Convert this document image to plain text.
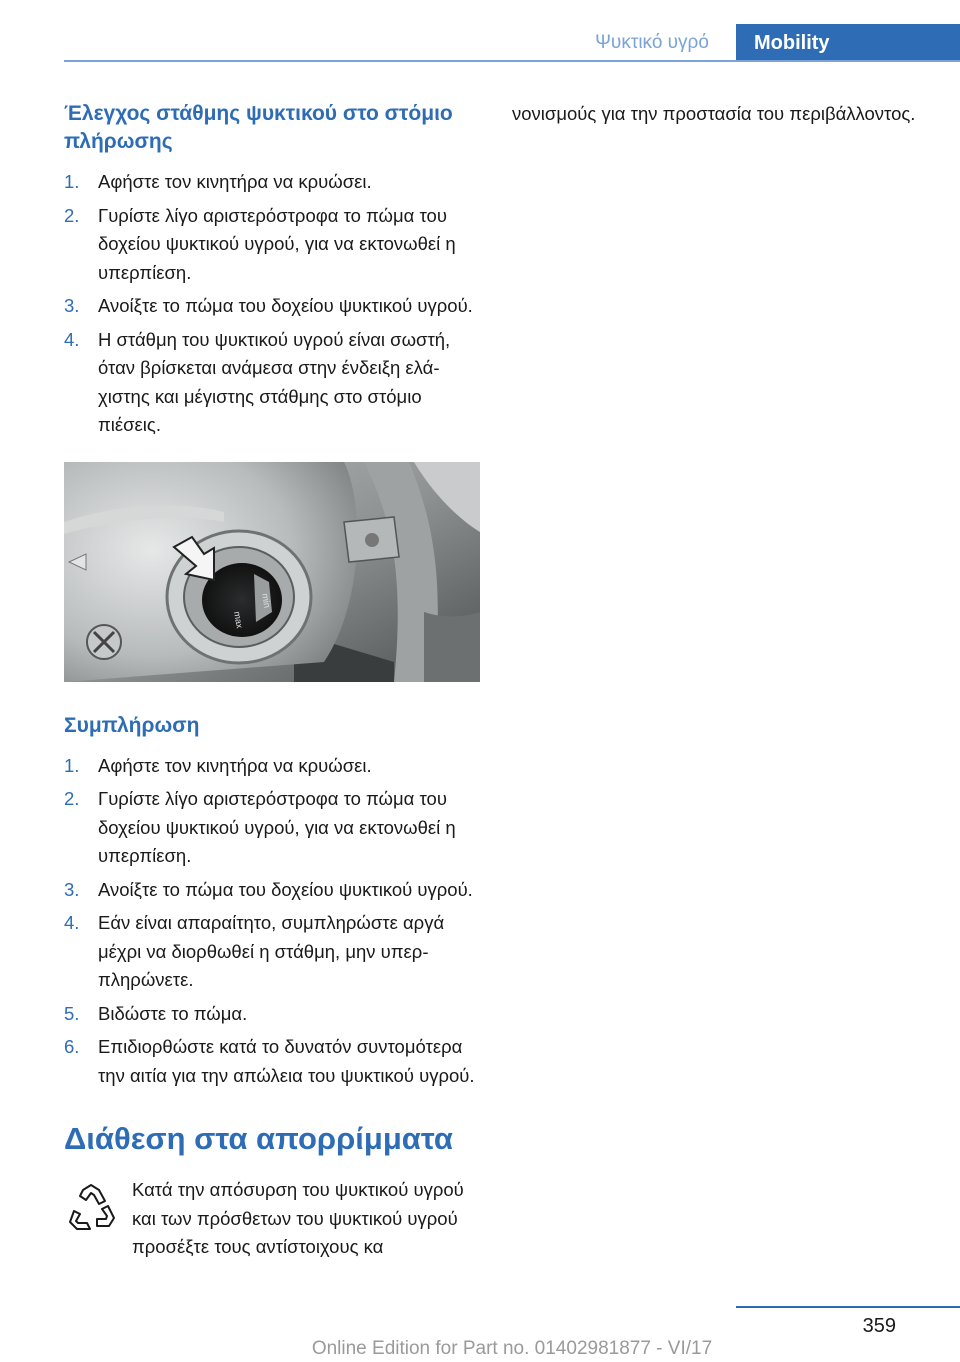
Ψυκτικό υγρό	Mobility
Έλεγχος στάθμης ψυκτικού στο στόμιο πλήρωσης
1. Αφήστε τον κινητήρα να κρυώσει.
2. Γυρίστε λίγο αριστερόστροφα το πώμα του δοχείου ψυκτικού υγρού, για να εκτονωθεί η υπερπίεση.
3. Ανοίξτε το πώμα του δοχείου ψυκτικού υγρού.
4. Η στάθμη του ψυκτικού υγρού είναι σωστή, όταν βρίσκεται ανάμεσα στην ένδειξη ελάχιστης και μέγιστης στάθμης στο στόμιο πιέσεις.
min
max
Συμπλήρωση
1. Αφήστε τον κινητήρα να κρυώσει.
2. Γυρίστε λίγο αριστερόστροφα το πώμα του δοχείου ψυκτικού υγρού, για να εκτονωθεί η υπερπίεση.
3. Ανοίξτε το πώμα του δοχείου ψυκτικού υγρού.
4. Εάν είναι απαραίτητο, συμπληρώστε αργά μέχρι να διορθωθεί η στάθμη, μην υπερπληρώνετε.
5. Βιδώστε το πώμα.
6. Επιδιορθώστε κατά το δυνατόν συντομότερα την αιτία για την απώλεια του ψυκτικού υγρού.
Διάθεση στα απορρίμματα
Κατά την απόσυρση του ψυκτικού υγρού και των πρόσθετων του ψυκτικού υγρού προσέξτε τους αντίστοιχους κα

νονισμούς για την προστασία του περιβάλλοντος.

359
Online Edition for Part no. 01402981877 - VI/17
